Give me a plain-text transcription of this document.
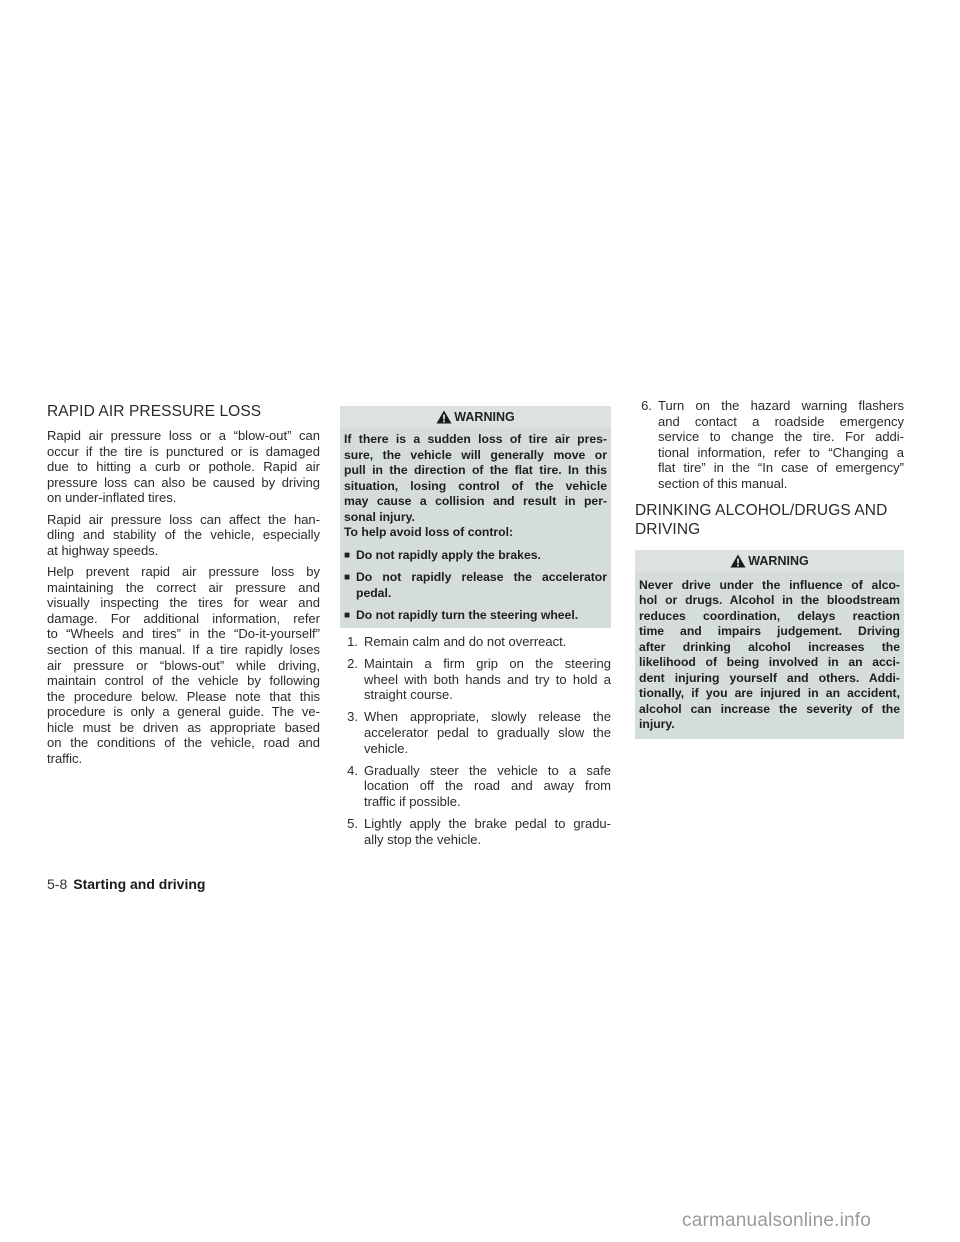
RAPID AIR PRESSURE LOSS
Rapid air pressure loss or a “blow-out” can
occur if the tire is punctured or is damaged
due to hitting a curb or pothole. Rapid air
pressure loss can also be caused by driving
on under-inflated tires.
Rapid air pressure loss can affect the han-
dling and stability of the vehicle, especially
at highway speeds.
Help prevent rapid air pressure loss by
maintaining the correct air pressure and
visually inspecting the tires for wear and
damage. For additional information, refer
to “Wheels and tires” in the “Do-it-yourself”
section of this manual. If a tire rapidly loses
air pressure or “blows-out” while driving,
maintain control of the vehicle by following
the procedure below. Please note that this
procedure is only a general guide. The ve-
hicle must be driven as appropriate based
on the conditions of the vehicle, road and
traffic.
WARNING
If there is a sudden loss of tire air pres-
sure, the vehicle will generally move or
pull in the direction of the flat tire. In this
situation, losing control of the vehicle
may cause a collision and result in per-
sonal injury.
To help avoid loss of control:
■ Do not rapidly apply the brakes.
■ Do not rapidly release the accelerator
pedal.
■ Do not rapidly turn the steering wheel.
1. Remain calm and do not overreact.
2. Maintain a firm grip on the steering
wheel with both hands and try to hold a
straight course.
3. When appropriate, slowly release the
accelerator pedal to gradually slow the
vehicle.
4. Gradually steer the vehicle to a safe
location off the road and away from
traffic if possible.
5. Lightly apply the brake pedal to gradu-
ally stop the vehicle.
6. Turn on the hazard warning flashers
and contact a roadside emergency
service to change the tire. For addi-
tional information, refer to “Changing a
flat tire” in the “In case of emergency”
section of this manual.
DRINKING ALCOHOL/DRUGS AND
DRIVING
WARNING
Never drive under the influence of alco-
hol or drugs. Alcohol in the bloodstream
reduces coordination, delays reaction
time and impairs judgement. Driving
after drinking alcohol increases the
likelihood of being involved in an acci-
dent injuring yourself and others. Addi-
tionally, if you are injured in an accident,
alcohol can increase the severity of the
injury.
5-8 Starting and driving
carmanualsonline.info
